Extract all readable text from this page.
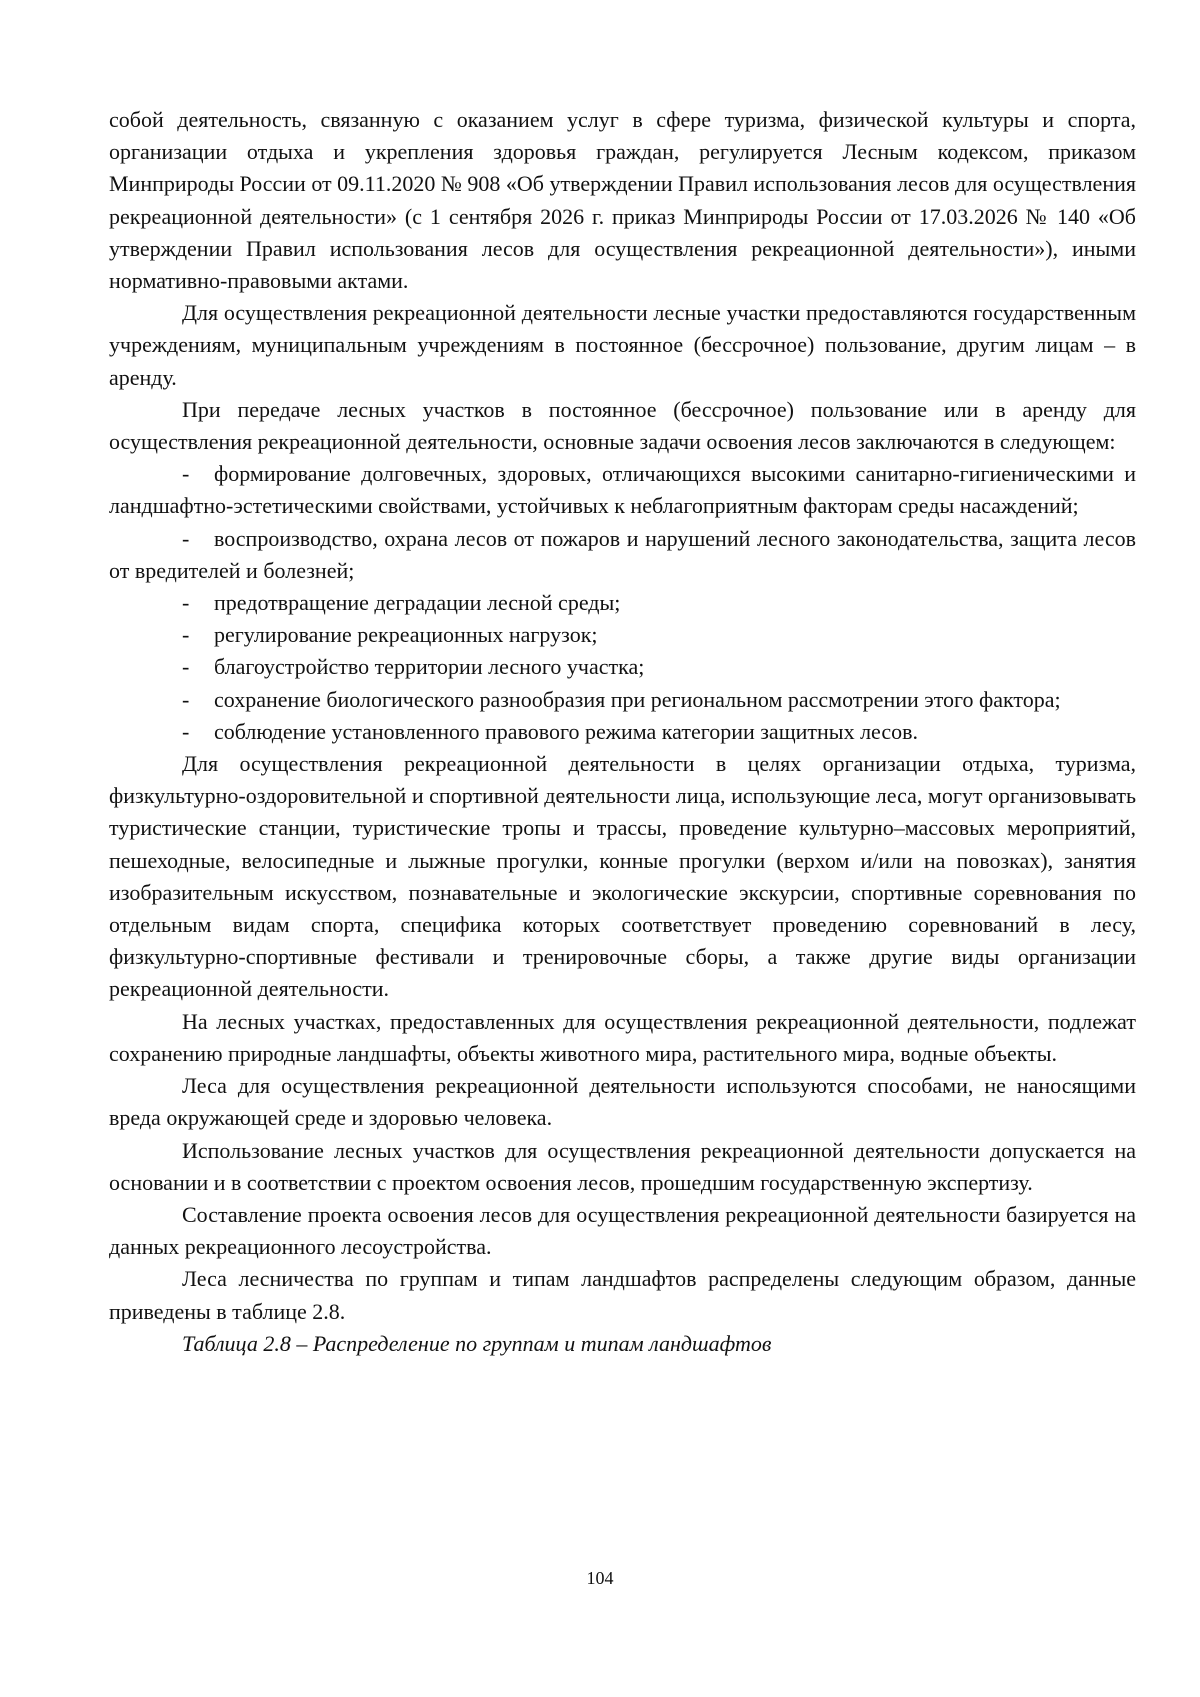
собой деятельность, связанную с оказанием услуг в сфере туризма, физической культуры и спорта, организации отдыха и укрепления здоровья граждан, регулируется Лесным кодексом, приказом Минприроды России от 09.11.2020 № 908 «Об утверждении Правил использования лесов для осуществления рекреационной деятельности» (с 1 сентября 2026 г. приказ Минприроды России от 17.03.2026 № 140 «Об утверждении Правил использования лесов для осуществления рекреационной деятельности»), иными нормативно-правовыми актами.

Для осуществления рекреационной деятельности лесные участки предоставляются государственным учреждениям, муниципальным учреждениям в постоянное (бессрочное) пользование, другим лицам – в аренду.

При передаче лесных участков в постоянное (бессрочное) пользование или в аренду для осуществления рекреационной деятельности, основные задачи освоения лесов заключаются в следующем:

- формирование долговечных, здоровых, отличающихся высокими санитарно-гигиеническими и ландшафтно-эстетическими свойствами, устойчивых к неблагоприятным факторам среды насаждений;

- воспроизводство, охрана лесов от пожаров и нарушений лесного законодательства, защита лесов от вредителей и болезней;

- предотвращение деградации лесной среды;

- регулирование рекреационных нагрузок;

- благоустройство территории лесного участка;

- сохранение биологического разнообразия при региональном рассмотрении этого фактора;

- соблюдение установленного правового режима категории защитных лесов.

Для осуществления рекреационной деятельности в целях организации отдыха, туризма, физкультурно-оздоровительной и спортивной деятельности лица, использующие леса, могут организовывать туристические станции, туристические тропы и трассы, проведение культурно–массовых мероприятий, пешеходные, велосипедные и лыжные прогулки, конные прогулки (верхом и/или на повозках), занятия изобразительным искусством, познавательные и экологические экскурсии, спортивные соревнования по отдельным видам спорта, специфика которых соответствует проведению соревнований в лесу, физкультурно-спортивные фестивали и тренировочные сборы, а также другие виды организации рекреационной деятельности.

На лесных участках, предоставленных для осуществления рекреационной деятельности, подлежат сохранению природные ландшафты, объекты животного мира, растительного мира, водные объекты.

Леса для осуществления рекреационной деятельности используются способами, не наносящими вреда окружающей среде и здоровью человека.

Использование лесных участков для осуществления рекреационной деятельности допускается на основании и в соответствии с проектом освоения лесов, прошедшим государственную экспертизу.

Составление проекта освоения лесов для осуществления рекреационной деятельности базируется на данных рекреационного лесоустройства.

Леса лесничества по группам и типам ландшафтов распределены следующим образом, данные приведены в таблице 2.8.

Таблица 2.8 – Распределение по группам и типам ландшафтов

104
